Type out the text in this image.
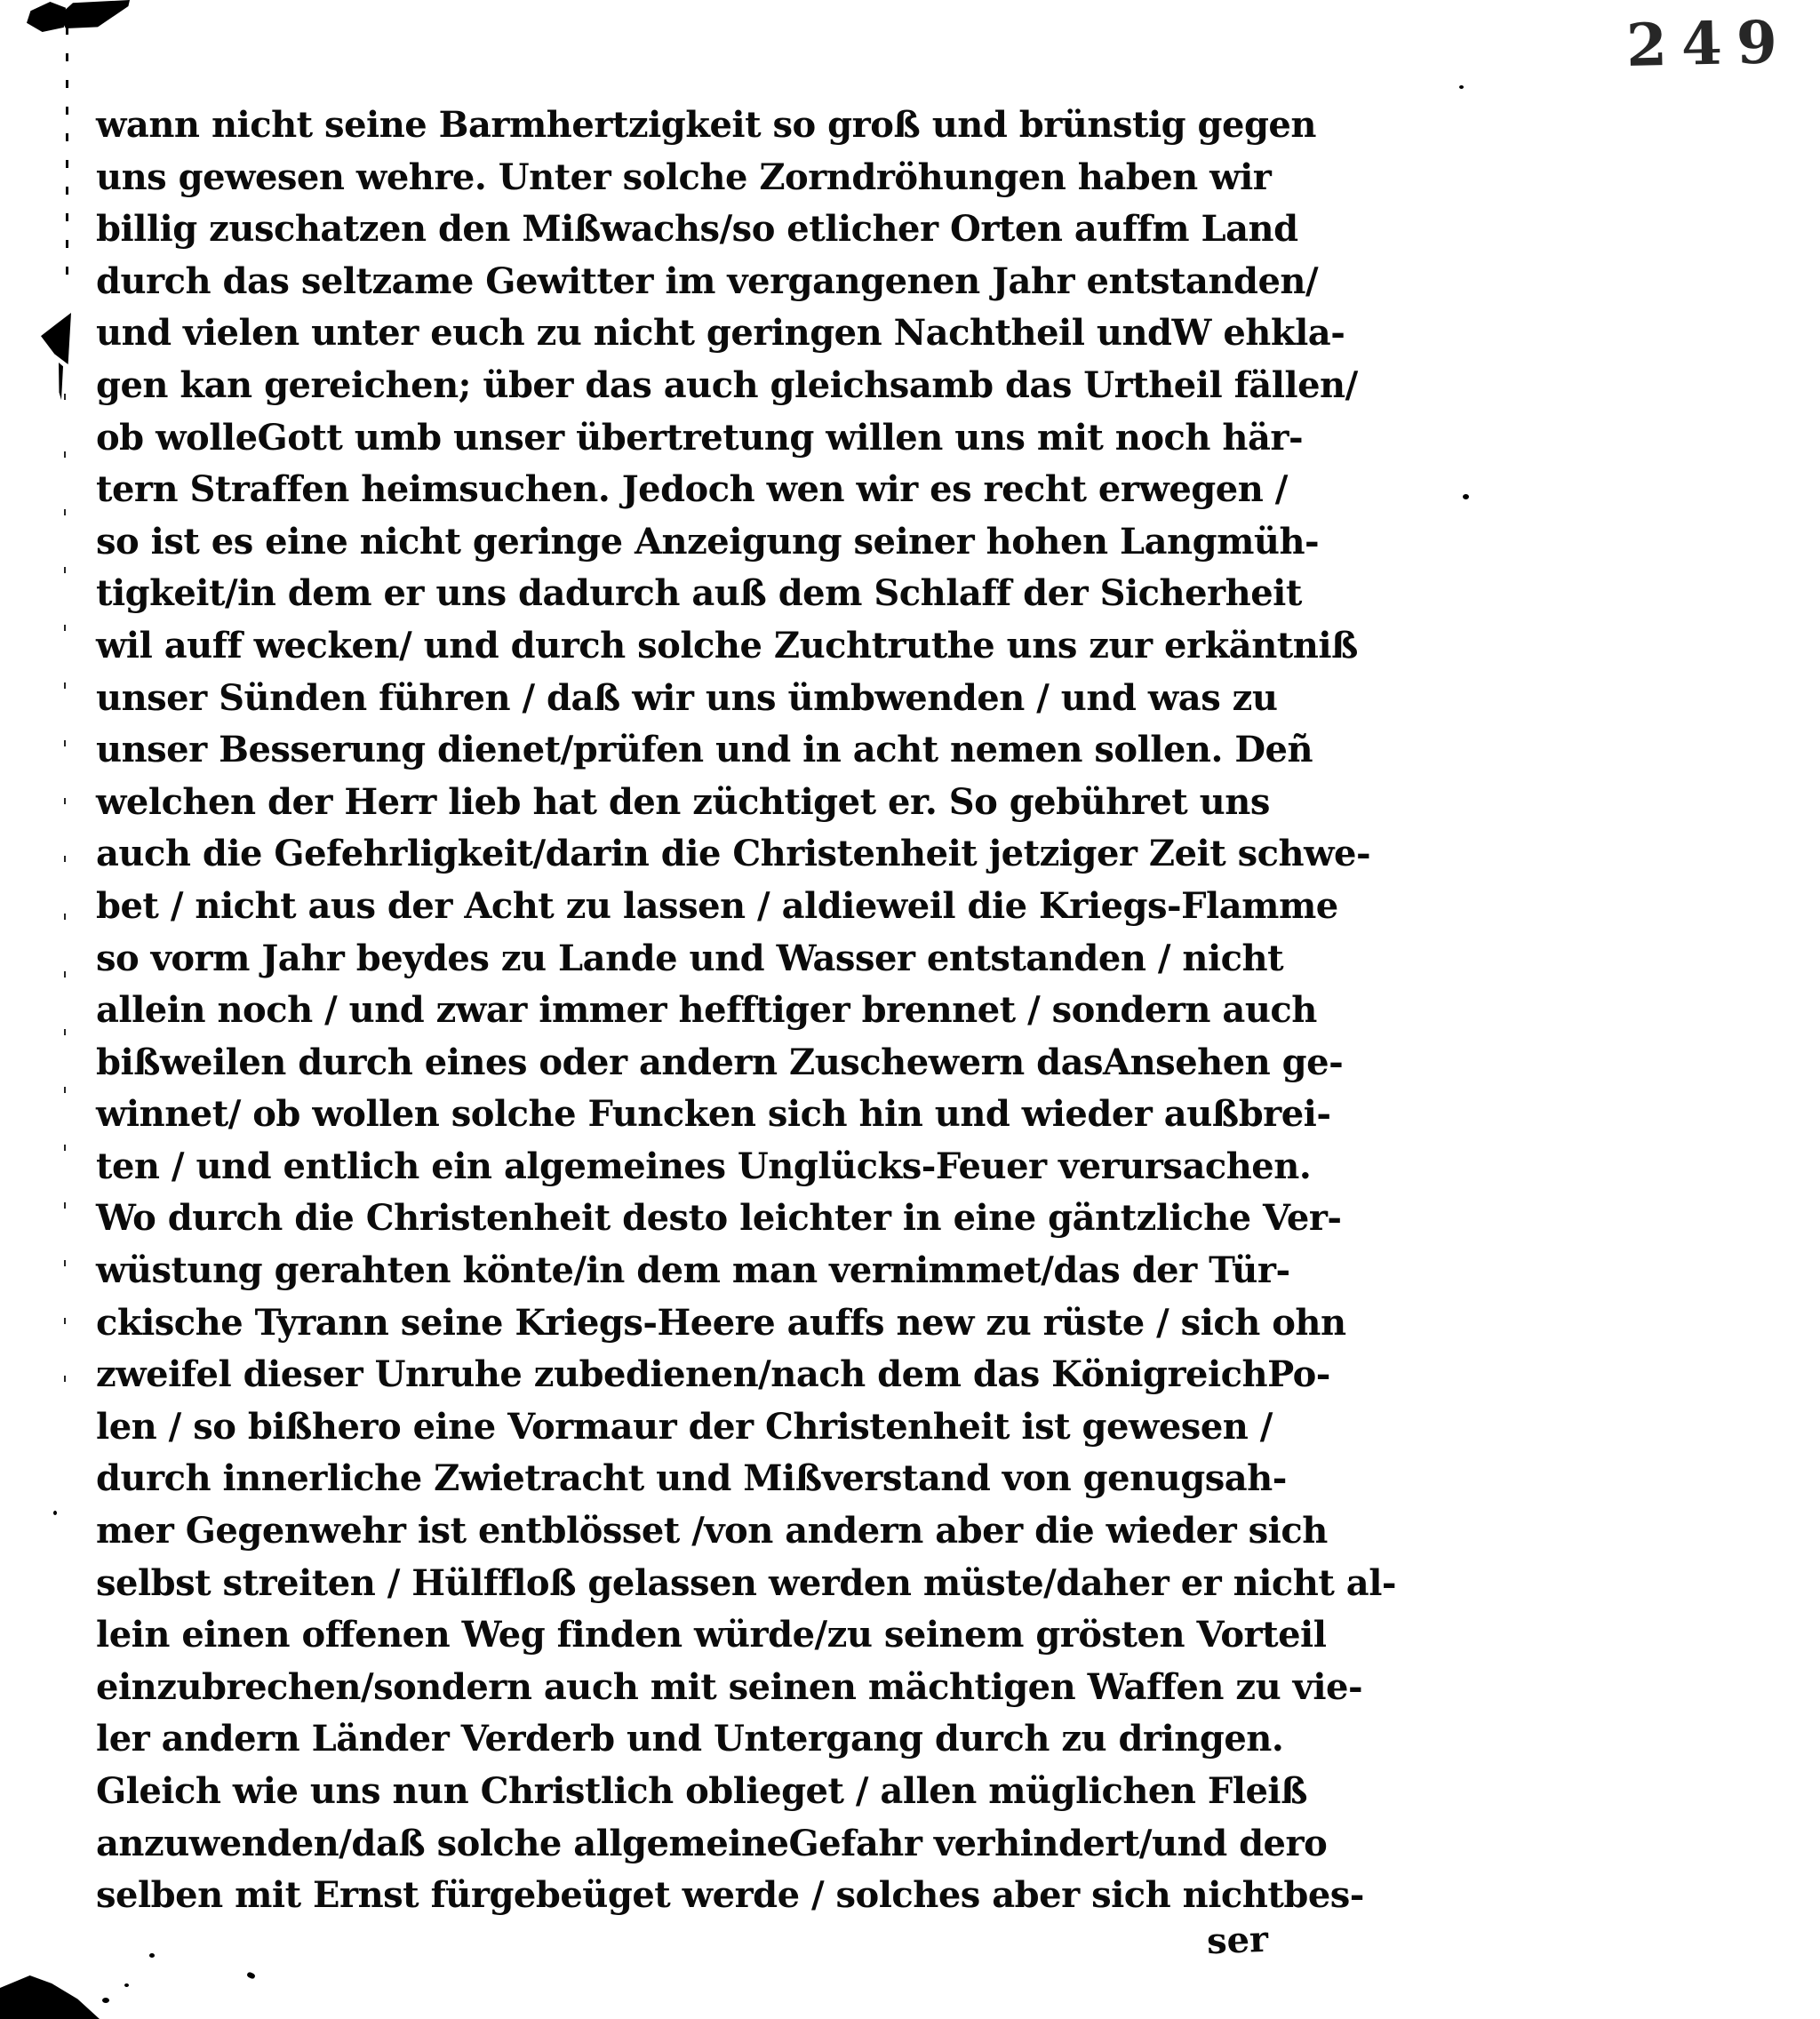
249
wann nicht seine Barmhertzigkeit so groß und brünstig gegen
uns gewesen wehre. Unter solche Zorndröhungen haben wir
billig zuschatzen den Mißwachs/so etlicher Orten auffm Land
durch das seltzame Gewitter im vergangenen Jahr entstanden/
und vielen unter euch zu nicht geringen Nachtheil undW ehkla-
gen kan gereichen; über das auch gleichsamb das Urtheil fällen/
ob wolleGott umb unser übertretung willen uns mit noch här-
tern Straffen heimsuchen. Jedoch wen wir es recht erwegen /
so ist es eine nicht geringe Anzeigung seiner hohen Langmüh-
tigkeit/in dem er uns dadurch auß dem Schlaff der Sicherheit
wil auff wecken/ und durch solche Zuchtruthe uns zur erkäntniß
unser Sünden führen / daß wir uns ümbwenden / und was zu
unser Besserung dienet/prüfen und in acht nemen sollen. Deñ
welchen der Herr lieb hat den züchtiget er. So gebühret uns
auch die Gefehrligkeit/darin die Christenheit jetziger Zeit schwe-
bet / nicht aus der Acht zu lassen / aldieweil die Kriegs-Flamme
so vorm Jahr beydes zu Lande und Wasser entstanden / nicht
allein noch / und zwar immer hefftiger brennet / sondern auch
bißweilen durch eines oder andern Zuschewern dasAnsehen ge-
winnet/ ob wollen solche Funcken sich hin und wieder außbrei-
ten / und entlich ein algemeines Unglücks-Feuer verursachen.
Wo durch die Christenheit desto leichter in eine gäntzliche Ver-
wüstung gerahten könte/in dem man vernimmet/das der Tür-
ckische Tyrann seine Kriegs-Heere auffs new zu rüste / sich ohn
zweifel dieser Unruhe zubedienen/nach dem das KönigreichPo-
len / so bißhero eine Vormaur der Christenheit ist gewesen /
durch innerliche Zwietracht und Mißverstand von genugsah-
mer Gegenwehr ist entblösset /von andern aber die wieder sich
selbst streiten / Hülffloß gelassen werden müste/daher er nicht al-
lein einen offenen Weg finden würde/zu seinem grösten Vorteil
einzubrechen/sondern auch mit seinen mächtigen Waffen zu vie-
ler andern Länder Verderb und Untergang durch zu dringen.
Gleich wie uns nun Christlich oblieget / allen müglichen Fleiß
anzuwenden/daß solche allgemeineGefahr verhindert/und dero
selben mit Ernst fürgebeüget werde / solches aber sich nichtbes-
ser
